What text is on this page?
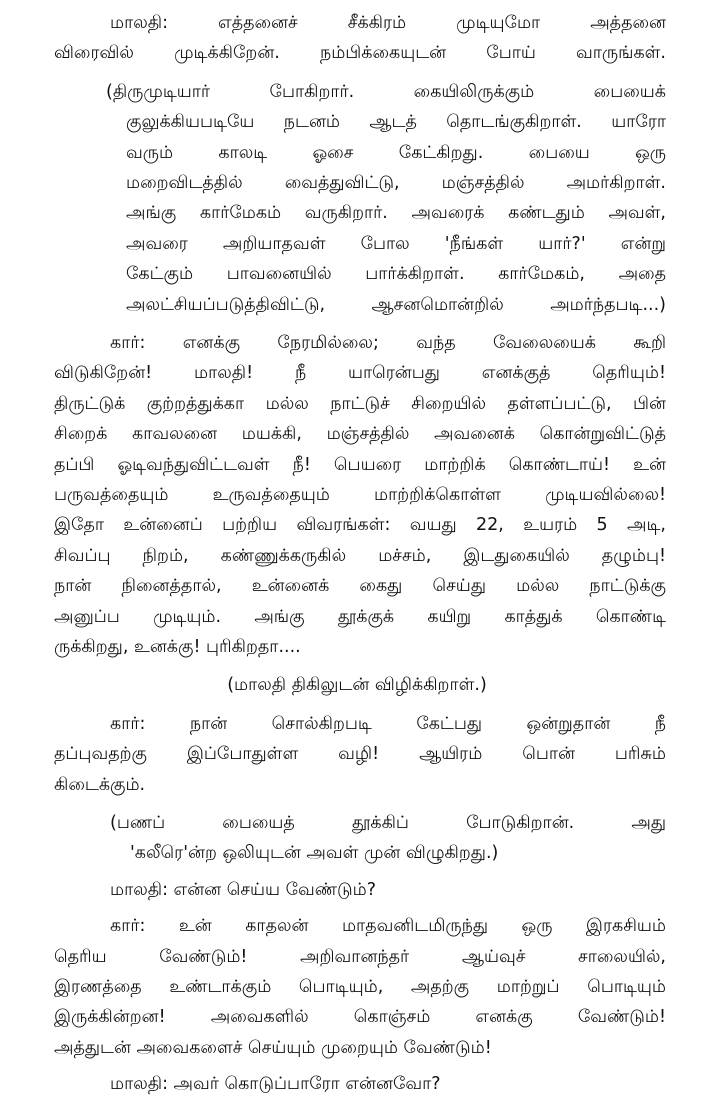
மாலதி: எத்தனைச் சீக்கிரம் முடியுமோ அத்தனை
விரைவில் முடிக்கிறேன். நம்பிக்கையுடன் போய் வாருங்கள்.
(திருமுடியார் போகிறார். கையிலிருக்கும் பையைக்
குலுக்கியபடியே நடனம் ஆடத் தொடங்குகிறாள். யாரோ
வரும் காலடி ஓசை கேட்கிறது. பையை ஒரு
மறைவிடத்தில் வைத்துவிட்டு, மஞ்சத்தில் அமர்கிறாள்.
அங்கு கார்மேகம் வருகிறார். அவரைக் கண்டதும் அவள்,
அவரை அறியாதவள் போல 'நீங்கள் யார்?' என்று
கேட்கும் பாவனையில் பார்க்கிறாள். கார்மேகம், அதை
அலட்சியப்படுத்திவிட்டு, ஆசனமொன்றில் அமர்ந்தபடி...)
கார்: எனக்கு நேரமில்லை; வந்த வேலையைக் கூறி
விடுகிறேன்! மாலதி! நீ யாரென்பது எனக்குத் தெரியும்!
திருட்டுக் குற்றத்துக்கா மல்ல நாட்டுச் சிறையில் தள்ளப்பட்டு, பின்
சிறைக் காவலனை மயக்கி, மஞ்சத்தில் அவனைக் கொன்றுவிட்டுத்
தப்பி ஓடிவந்துவிட்டவள் நீ! பெயரை மாற்றிக் கொண்டாய்! உன்
பருவத்தையும் உருவத்தையும் மாற்றிக்கொள்ள முடியவில்லை!
இதோ உன்னைப் பற்றிய விவரங்கள்: வயது 22, உயரம் 5 அடி,
சிவப்பு நிறம், கண்ணுக்கருகில் மச்சம், இடதுகையில் தழும்பு!
நான் நினைத்தால், உன்னைக் கைது செய்து மல்ல நாட்டுக்கு
அனுப்ப முடியும். அங்கு தூக்குக் கயிறு காத்துக் கொண்டி
ருக்கிறது, உனக்கு! புரிகிறதா....
(மாலதி திகிலுடன் விழிக்கிறாள்.)
கார்: நான் சொல்கிறபடி கேட்பது ஒன்றுதான் நீ
தப்புவதற்கு இப்போதுள்ள வழி! ஆயிரம் பொன் பரிசும்
கிடைக்கும்.
(பணப் பையைத் தூக்கிப் போடுகிறான். அது
'கலீரெ'ன்ற ஒலியுடன் அவள் முன் விழுகிறது.)
மாலதி: என்ன செய்ய வேண்டும்?
கார்: உன் காதலன் மாதவனிடமிருந்து ஒரு இரகசியம்
தெரிய வேண்டும்! அறிவானந்தர் ஆய்வுச் சாலையில்,
இரணத்தை உண்டாக்கும் பொடியும், அதற்கு மாற்றுப் பொடியும்
இருக்கின்றன! அவைகளில் கொஞ்சம் எனக்கு வேண்டும்!
அத்துடன் அவைகளைச் செய்யும் முறையும் வேண்டும்!
மாலதி: அவர் கொடுப்பாரோ என்னவோ?
